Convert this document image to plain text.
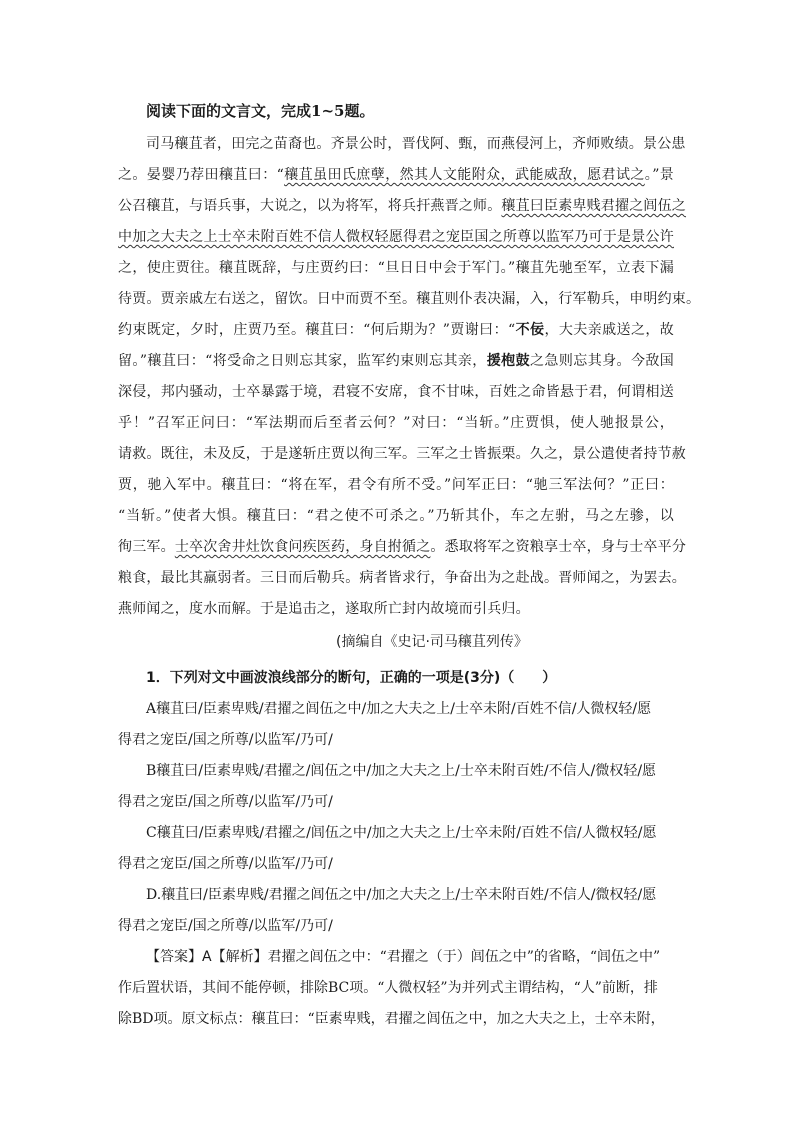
阅读下面的文言文，完成1~5题。
司马穰苴者，田完之苗裔也。齐景公时，晋伐阿、甄，而燕侵河上，齐师败绩。景公患
之。晏婴乃荐田穰苴曰：“穰苴虽田氏庶孽，然其人文能附众，武能威敌，愿君试之。”景
公召穰苴，与语兵事，大说之，以为将军，将兵扞燕晋之师。穰苴曰臣素卑贱君擢之闾伍之
中加之大夫之上士卒未附百姓不信人微权轻愿得君之宠臣国之所尊以监军乃可于是景公许
之，使庄贾往。穰苴既辞，与庄贾约曰：“旦日日中会于军门。”穰苴先驰至军，立表下漏
待贾。贾亲戚左右送之，留饮。日中而贾不至。穰苴则仆表决漏，入，行军勒兵，申明约束。
约束既定，夕时，庄贾乃至。穰苴曰：“何后期为？”贾谢曰：“不佞，大夫亲戚送之，故
留。”穰苴曰：“将受命之日则忘其家，监军约束则忘其亲，援枹鼓之急则忘其身。今敌国
深侵，邦内骚动，士卒暴露于境，君寝不安席，食不甘味，百姓之命皆悬于君，何谓相送
乎！”召军正问曰：“军法期而后至者云何？”对曰：“当斩。”庄贾惧，使人驰报景公，
请救。既往，未及反，于是遂斩庄贾以徇三军。三军之士皆振栗。久之，景公遣使者持节赦
贾，驰入军中。穰苴曰：“将在军，君令有所不受。”问军正曰：“驰三军法何？”正曰：
“当斩。”使者大惧。穰苴曰：“君之使不可杀之。”乃斩其仆，车之左驸，马之左骖，以
徇三军。士卒次舍井灶饮食问疾医药，身自拊循之。悉取将军之资粮享士卒，身与士卒平分
粮食，最比其羸弱者。三日而后勒兵。病者皆求行，争奋出为之赴战。晋师闻之，为罢去。
燕师闻之，度水而解。于是追击之，遂取所亡封内故境而引兵归。
(摘编自《史记·司马穰苴列传》
1．下列对文中画波浪线部分的断句，正确的一项是(3分)（　　）
A穰苴曰/臣素卑贱/君擢之闾伍之中/加之大夫之上/士卒未附/百姓不信/人微权轻/愿
得君之宠臣/国之所尊/以监军/乃可/
B穰苴曰/臣素卑贱/君擢之/闾伍之中/加之大夫之上/士卒未附百姓/不信人/微权轻/愿
得君之宠臣/国之所尊/以监军/乃可/
C穰苴曰/臣素卑贱/君擢之/闾伍之中/加之大夫之上/士卒未附/百姓不信/人微权轻/愿
得君之宠臣/国之所尊/以监军/乃可/
D.穰苴曰/臣素卑贱/君擢之闾伍之中/加之大夫之上/士卒未附百姓/不信人/微权轻/愿
得君之宠臣/国之所尊/以监军/乃可/
【答案】A【解析】君擢之闾伍之中：“君擢之（于）闾伍之中”的省略，“闾伍之中”
作后置状语，其间不能停顿，排除BC项。“人微权轻”为并列式主谓结构，“人”前断，排
除BD项。原文标点：穰苴曰：“臣素卑贱，君擢之闾伍之中，加之大夫之上，士卒未附，
